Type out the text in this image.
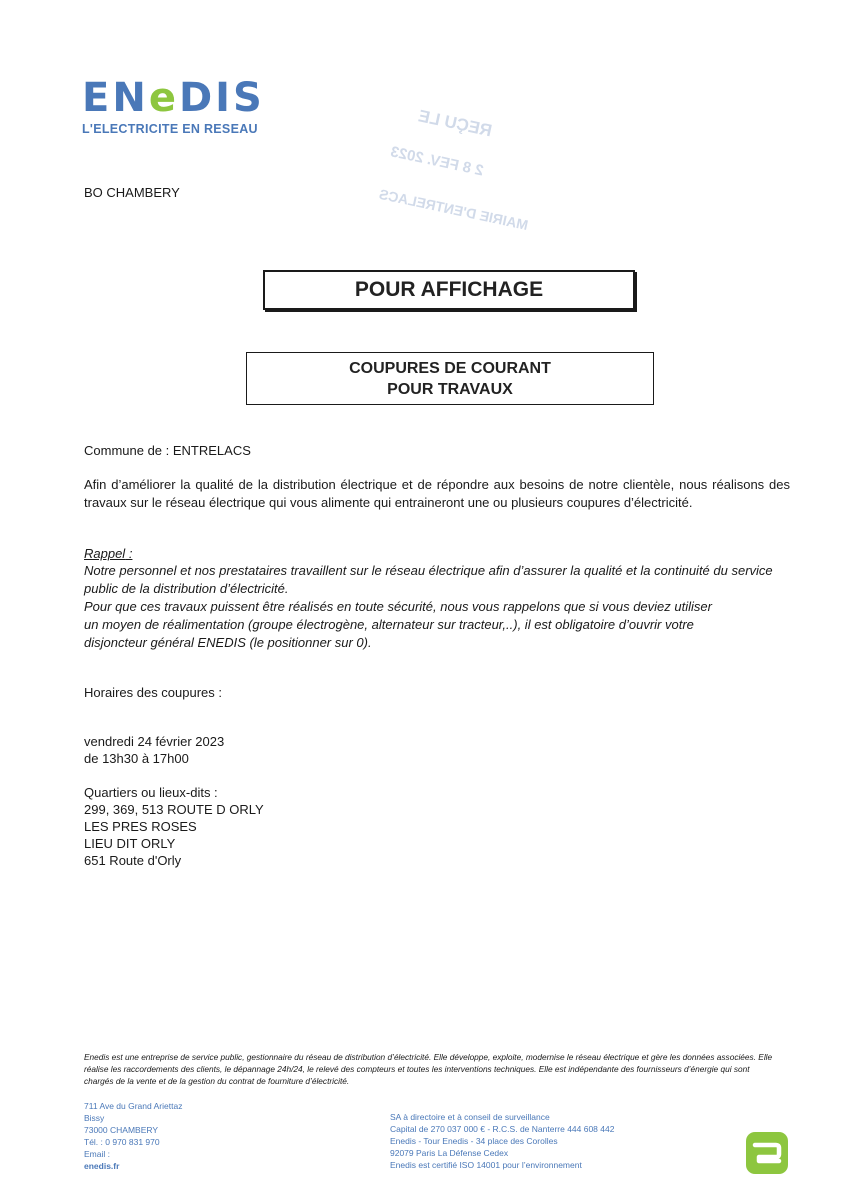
ENeDIS
L'ELECTRICITE EN RESEAU	REÇU LE
2 8 FEV. 2023
MAIRIE D'ENTRELACS
BO CHAMBERY
POUR AFFICHAGE
COUPURES DE COURANT
POUR TRAVAUX
Commune de : ENTRELACS
Afin d’améliorer la qualité de la distribution électrique et de répondre aux besoins de notre clientèle, nous réalisons des travaux sur le réseau électrique qui vous alimente qui entraineront une ou plusieurs coupures d’électricité.
Rappel :

Notre personnel et nos prestataires travaillent sur le réseau électrique afin d’assurer la qualité et la continuité du service public de la distribution d’électricité.

Pour que ces travaux puissent être réalisés en toute sécurité, nous vous rappelons que si vous deviez utiliser un moyen de réalimentation (groupe électrogène, alternateur sur tracteur,..), il est obligatoire d’ouvrir votre disjoncteur général ENEDIS (le positionner sur 0).

Horaires des coupures :
vendredi 24 février 2023
de 13h30 à 17h00
Quartiers ou lieux-dits :
299, 369, 513 ROUTE D ORLY
LES PRES ROSES
LIEU DIT ORLY
651 Route d'Orly
Enedis est une entreprise de service public, gestionnaire du réseau de distribution d’électricité. Elle développe, exploite, modernise le réseau électrique et gère les données associées. Elle réalise les raccordements des clients, le dépannage 24h/24, le relevé des compteurs et toutes les interventions techniques. Elle est indépendante des fournisseurs d’énergie qui sont chargés de la vente et de la gestion du contrat de fourniture d’électricité.
711 Ave du Grand Ariettaz
Bissy
73000 CHAMBERY
Tél. : 0 970 831 970
Email :
enedis.fr
SA à directoire et à conseil de surveillance
Capital de 270 037 000 € - R.C.S. de Nanterre 444 608 442
Enedis - Tour Enedis - 34 place des Corolles
92079 Paris La Défense Cedex
Enedis est certifié ISO 14001 pour l’environnement
